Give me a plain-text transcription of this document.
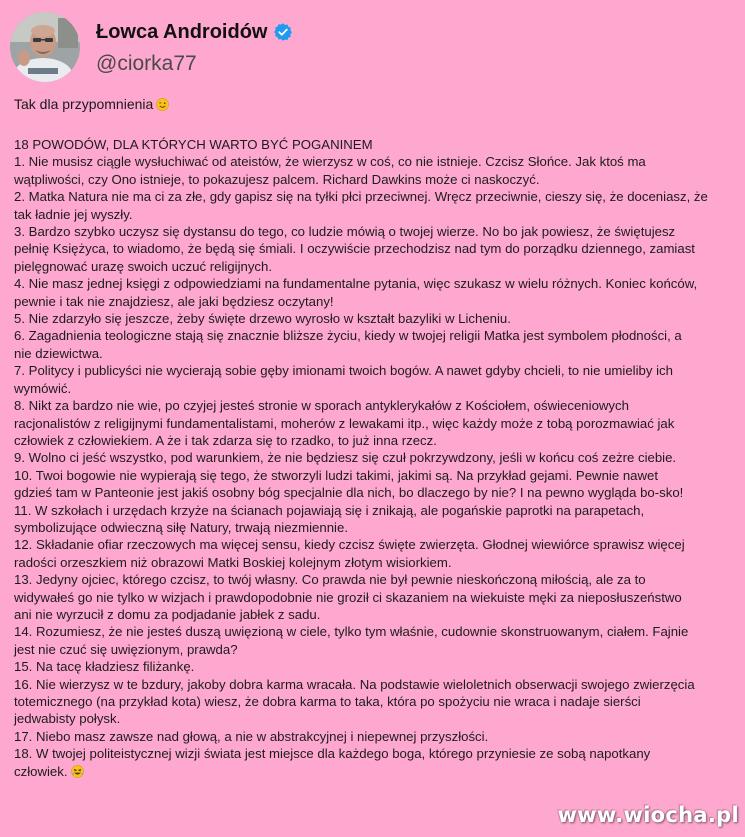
Łowca Androidów
@ciorka77
Tak dla przypomnienia
18 POWODÓW, DLA KTÓRYCH WARTO BYĆ POGANINEM
1. Nie musisz ciągle wysłuchiwać od ateistów, że wierzysz w coś, co nie istnieje. Czcisz Słońce. Jak ktoś ma
wątpliwości, czy Ono istnieje, to pokazujesz palcem. Richard Dawkins może ci naskoczyć.
2. Matka Natura nie ma ci za złe, gdy gapisz się na tyłki płci przeciwnej. Wręcz przeciwnie, cieszy się, że doceniasz, że
tak ładnie jej wyszły.
3. Bardzo szybko uczysz się dystansu do tego, co ludzie mówią o twojej wierze. No bo jak powiesz, że świętujesz
pełnię Księżyca, to wiadomo, że będą się śmiali. I oczywiście przechodzisz nad tym do porządku dziennego, zamiast
pielęgnować urazę swoich uczuć religijnych.
4. Nie masz jednej księgi z odpowiedziami na fundamentalne pytania, więc szukasz w wielu różnych. Koniec końców,
pewnie i tak nie znajdziesz, ale jaki będziesz oczytany!
5. Nie zdarzyło się jeszcze, żeby święte drzewo wyrosło w kształt bazyliki w Licheniu.
6. Zagadnienia teologiczne stają się znacznie bliższe życiu, kiedy w twojej religii Matka jest symbolem płodności, a
nie dziewictwa.
7. Politycy i publicyści nie wycierają sobie gęby imionami twoich bogów. A nawet gdyby chcieli, to nie umieliby ich
wymówić.
8. Nikt za bardzo nie wie, po czyjej jesteś stronie w sporach antyklerykałów z Kościołem, oświeceniowych
racjonalistów z religijnymi fundamentalistami, moherów z lewakami itp., więc każdy może z tobą porozmawiać jak
człowiek z człowiekiem. A że i tak zdarza się to rzadko, to już inna rzecz.
9. Wolno ci jeść wszystko, pod warunkiem, że nie będziesz się czuł pokrzywdzony, jeśli w końcu coś zeżre ciebie.
10. Twoi bogowie nie wypierają się tego, że stworzyli ludzi takimi, jakimi są. Na przykład gejami. Pewnie nawet
gdzieś tam w Panteonie jest jakiś osobny bóg specjalnie dla nich, bo dlaczego by nie? I na pewno wygląda bo-sko!
11. W szkołach i urzędach krzyże na ścianach pojawiają się i znikają, ale pogańskie paprotki na parapetach,
symbolizujące odwieczną siłę Natury, trwają niezmiennie.
12. Składanie ofiar rzeczowych ma więcej sensu, kiedy czcisz święte zwierzęta. Głodnej wiewiórce sprawisz więcej
radości orzeszkiem niż obrazowi Matki Boskiej kolejnym złotym wisiorkiem.
13. Jedyny ojciec, którego czcisz, to twój własny. Co prawda nie był pewnie nieskończoną miłością, ale za to
widywałeś go nie tylko w wizjach i prawdopodobnie nie groził ci skazaniem na wiekuiste męki za nieposłuszeństwo
ani nie wyrzucił z domu za podjadanie jabłek z sadu.
14. Rozumiesz, że nie jesteś duszą uwięzioną w ciele, tylko tym właśnie, cudownie skonstruowanym, ciałem. Fajnie
jest nie czuć się uwięzionym, prawda?
15. Na tacę kładziesz filiżankę.
16. Nie wierzysz w te bzdury, jakoby dobra karma wracała. Na podstawie wieloletnich obserwacji swojego zwierzęcia
totemicznego (na przykład kota) wiesz, że dobra karma to taka, która po spożyciu nie wraca i nadaje sierści
jedwabisty połysk.
17. Niebo masz zawsze nad głową, a nie w abstrakcyjnej i niepewnej przyszłości.
18. W twojej politeistycznej wizji świata jest miejsce dla każdego boga, którego przyniesie ze sobą napotkany
człowiek.
www.wiocha.pl
